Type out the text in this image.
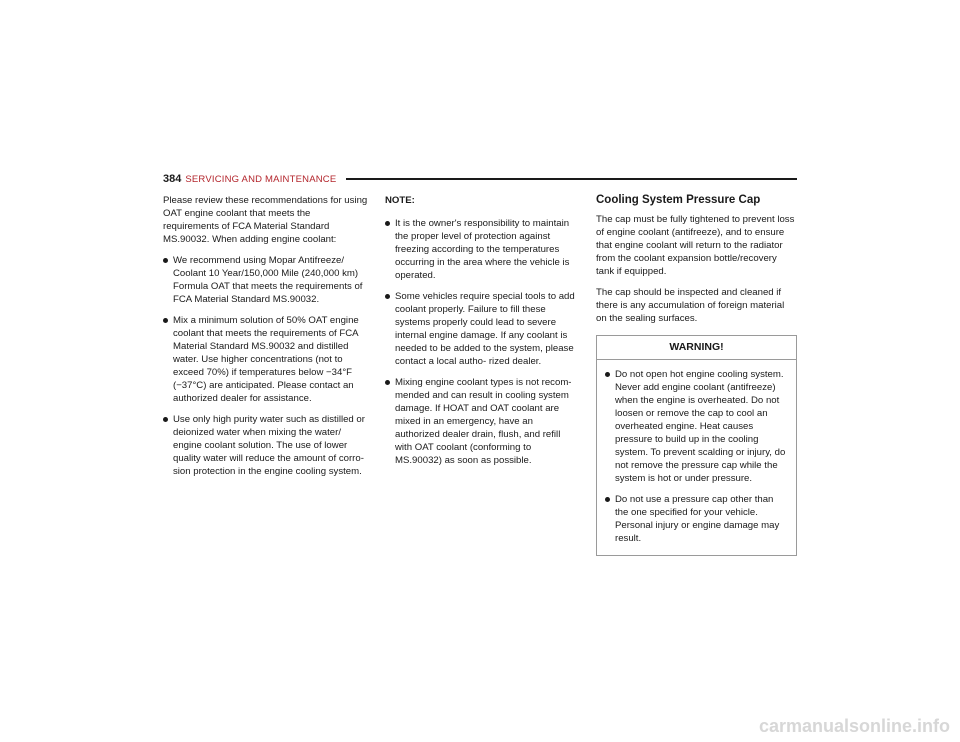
384 SERVICING AND MAINTENANCE

Please review these recommendations for using OAT engine coolant that meets the requirements of FCA Material Standard MS.90032. When adding engine coolant:

We recommend using Mopar Antifreeze/ Coolant 10 Year/150,000 Mile (240,000 km) Formula OAT that meets the requirements of FCA Material Standard MS.90032.
Mix a minimum solution of 50% OAT engine coolant that meets the requirements of FCA Material Standard MS.90032 and distilled water. Use higher concentrations (not to exceed 70%) if temperatures below −34°F (−37°C) are anticipated. Please contact an authorized dealer for assistance.
Use only high purity water such as distilled or deionized water when mixing the water/ engine coolant solution. The use of lower quality water will reduce the amount of corro- sion protection in the engine cooling system.
NOTE:
It is the owner's responsibility to maintain the proper level of protection against freezing according to the temperatures occurring in the area where the vehicle is operated.
Some vehicles require special tools to add coolant properly. Failure to fill these systems properly could lead to severe internal engine damage. If any coolant is needed to be added to the system, please contact a local autho- rized dealer.
Mixing engine coolant types is not recom- mended and can result in cooling system damage. If HOAT and OAT coolant are mixed in an emergency, have an authorized dealer drain, flush, and refill with OAT coolant (conforming to MS.90032) as soon as possible.
Cooling System Pressure Cap

The cap must be fully tightened to prevent loss of engine coolant (antifreeze), and to ensure that engine coolant will return to the radiator from the coolant expansion bottle/recovery tank if equipped.

The cap should be inspected and cleaned if there is any accumulation of foreign material on the sealing surfaces.

WARNING!
Do not open hot engine cooling system. Never add engine coolant (antifreeze) when the engine is overheated. Do not loosen or remove the cap to cool an overheated engine. Heat causes pressure to build up in the cooling system. To prevent scalding or injury, do not remove the pressure cap while the system is hot or under pressure.
Do not use a pressure cap other than the one specified for your vehicle. Personal injury or engine damage may result.
carmanualsonline.info
